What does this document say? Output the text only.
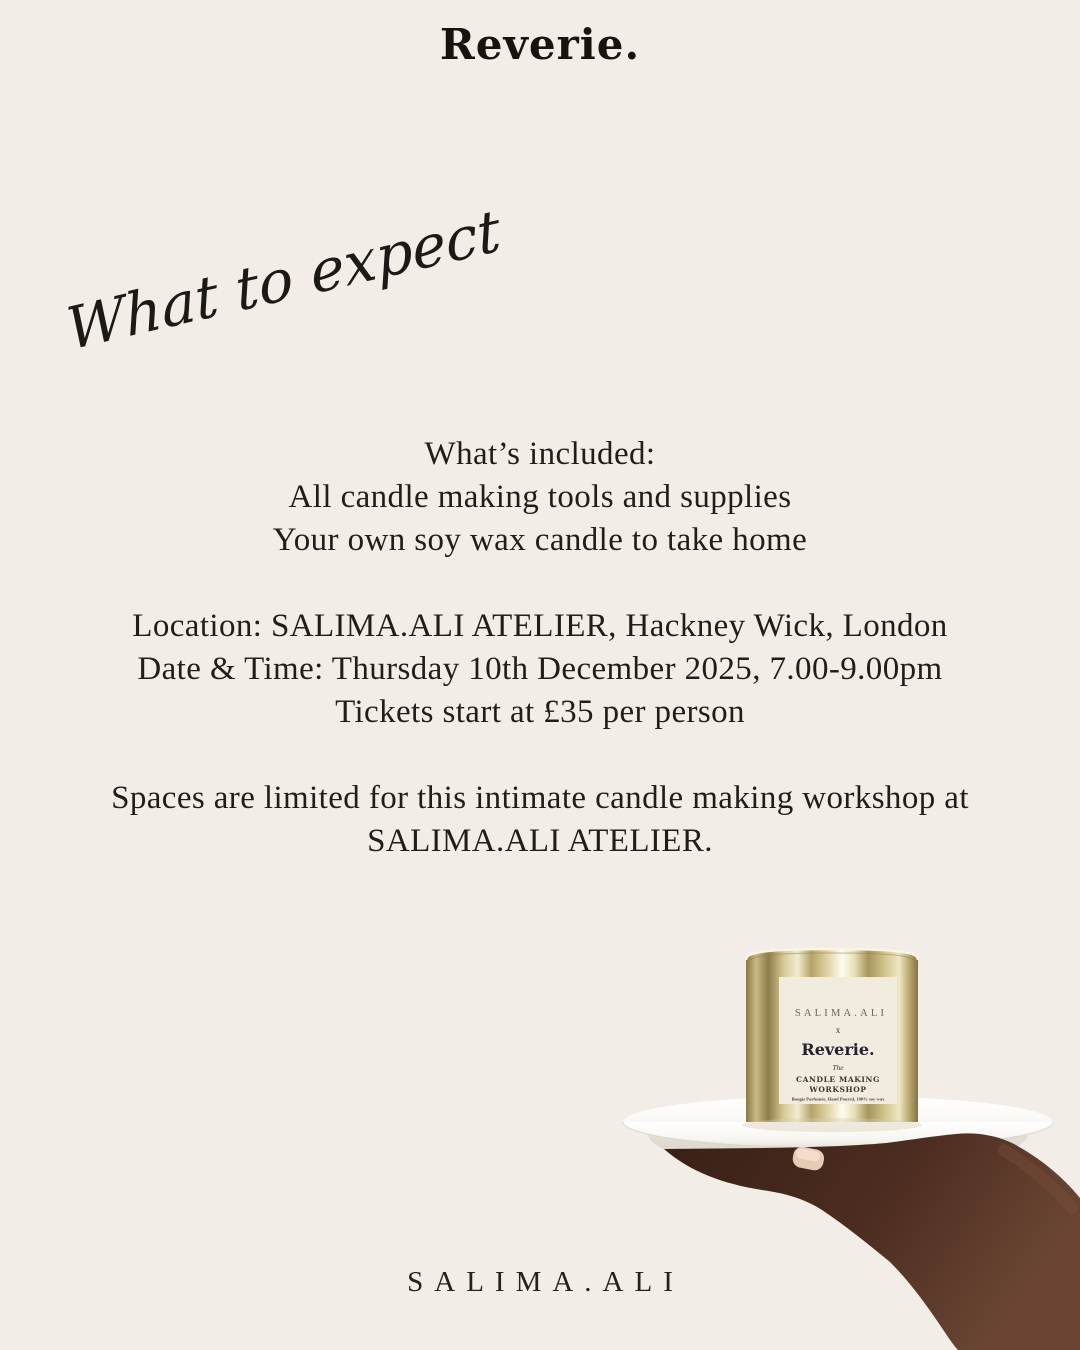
Reverie.
What to expect
What’s included:
All candle making tools and supplies
Your own soy wax candle to take home
Location: SALIMA.ALI ATELIER, Hackney Wick, London
Date & Time: Thursday 10th December 2025, 7.00-9.00pm
Tickets start at £35 per person
Spaces are limited for this intimate candle making workshop at
SALIMA.ALI ATELIER.
SALIMA.ALI
x
Reverie.
The
CANDLE MAKING
WORKSHOP
Bougie Parfumée, Hand Poured, 100% soy wax
SALIMA.ALI
